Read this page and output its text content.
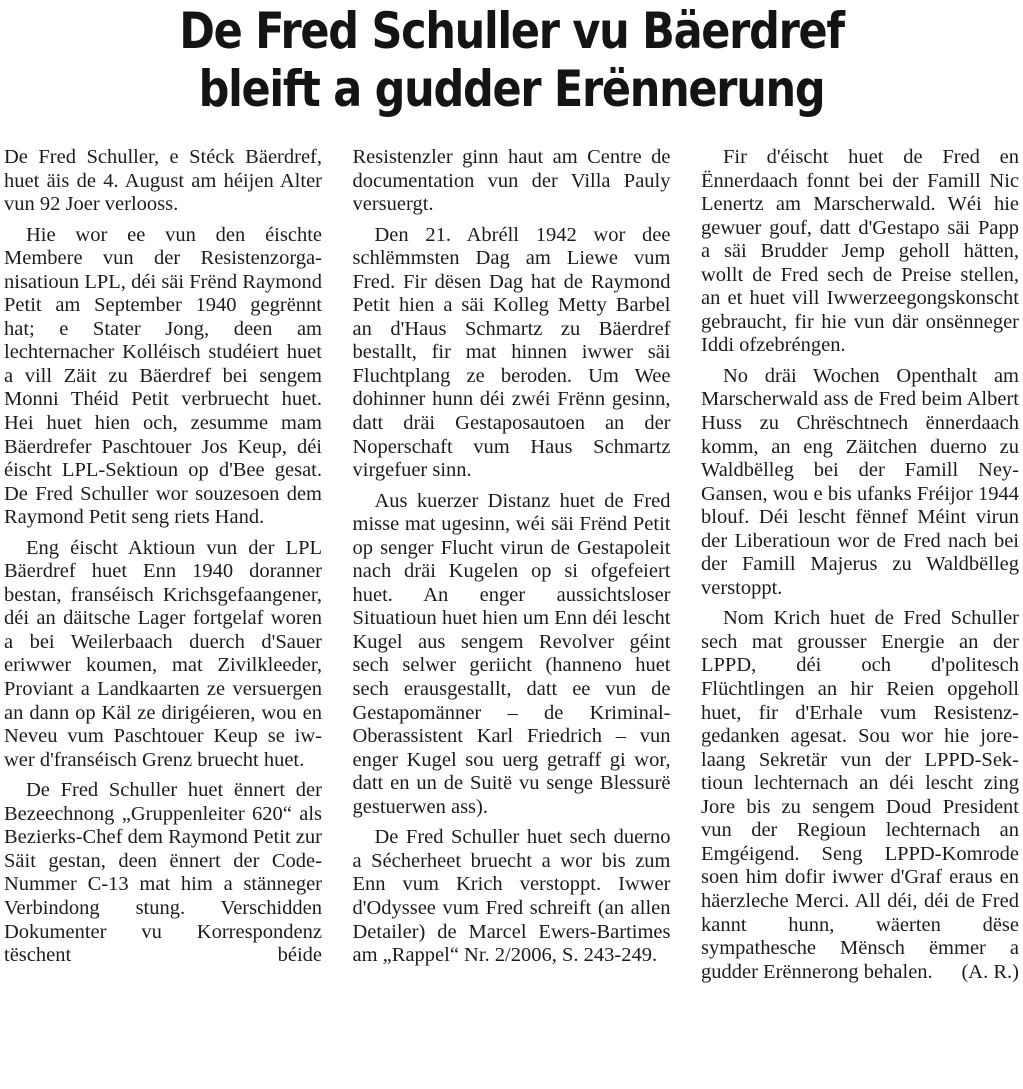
De Fred Schuller vu Bäerdref
bleift a gudder Erënnerung

De Fred Schuller, e Stéck Bäerdref, huet äis de 4. August am héijen Alter vun 92 Joer verlooss.

Hie wor ee vun den éischte Membere vun der Resistenzorganisatioun LPL, déi säi Frënd Raymond Petit am September 1940 gegrënnt hat; e Stater Jong, deen am lechternacher Kolléisch studéiert huet a vill Zäit zu Bäerdref bei sengem Monni Théid Petit verbruecht huet. Hei huet hien och, zesumme mam Bäerdrefer Paschtouer Jos Keup, déi éischt LPL-Sektioun op d'Bee gesat. De Fred Schuller wor souzesoen dem Raymond Petit seng riets Hand.

Eng éischt Aktioun vun der LPL Bäerdref huet Enn 1940 doranner bestan, franséisch Krichsgefaangener, déi an däitsche Lager fortgelaf woren a bei Weilerbaach duerch d'Sauer eriwwer koumen, mat Zivilkleeder, Proviant a Landkaarten ze versuergen an dann op Käl ze dirigéieren, wou en Neveu vum Paschtouer Keup se iwwer d'franséisch Grenz bruecht huet.

De Fred Schuller huet ënnert der Bezeechnong „Gruppenleiter 620“ als Bezierks-Chef dem Raymond Petit zur Säit gestan, deen ënnert der Code-Nummer C-13 mat him a stänneger Verbindong stung. Verschidden Dokumenter vu Korrespondenz tëschent béide

Resistenzler ginn haut am Centre de documentation vun der Villa Pauly versuergt.

Den 21. Abréll 1942 wor dee schlëmmsten Dag am Liewe vum Fred. Fir dësen Dag hat de Raymond Petit hien a säi Kolleg Metty Barbel an d'Haus Schmartz zu Bäerdref bestallt, fir mat hinnen iwwer säi Fluchtplang ze beroden. Um Wee dohinner hunn déi zwéi Frënn gesinn, datt dräi Gestaposautoen an der Noperschaft vum Haus Schmartz virgefuer sinn.

Aus kuerzer Distanz huet de Fred misse mat ugesinn, wéi säi Frënd Petit op senger Flucht virun de Gestapoleit nach dräi Kugelen op si ofgefeiert huet. An enger aussichtsloser Situatioun huet hien um Enn déi lescht Kugel aus sengem Revolver géint sech selwer geriicht (hanneno huet sech erausgestallt, datt ee vun de Gestapomänner – de Kriminal-Oberassistent Karl Friedrich – vun enger Kugel sou uerg getraff gi wor, datt en un de Suitë vu senge Blessurë gestuerwen ass).

De Fred Schuller huet sech duerno a Sécherheet bruecht a wor bis zum Enn vum Krich verstoppt. Iwwer d'Odyssee vum Fred schreift (an allen Detailer) de Marcel Ewers-Bartimes am „Rappel“ Nr. 2/2006, S. 243-249.

Fir d'éischt huet de Fred en Ënnerdaach fonnt bei der Famill Nic Lenertz am Marscherwald. Wéi hie gewuer gouf, datt d'Gestapo säi Papp a säi Brudder Jemp geholl hätten, wollt de Fred sech de Preise stellen, an et huet vill Iwwerzeegongskonscht gebraucht, fir hie vun där onsënneger Iddi ofzebréngen.

No dräi Wochen Openthalt am Marscherwald ass de Fred beim Albert Huss zu Chrëschtnech ënnerdaach komm, an eng Zäitchen duerno zu Waldbëlleg bei der Famill Ney-Gansen, wou e bis ufanks Fréijor 1944 blouf. Déi lescht fënnef Méint virun der Liberatioun wor de Fred nach bei der Famill Majerus zu Waldbëlleg verstoppt.

Nom Krich huet de Fred Schuller sech mat grousser Energie an der LPPD, déi och d'politesch Flüchtlingen an hir Reien opgeholl huet, fir d'Erhale vum Resistenzgedanken agesat. Sou wor hie jorelaang Sekretär vun der LPPD-Sektioun lechternach an déi lescht zing Jore bis zu sengem Doud President vun der Regioun lechternach an Emgéigend. Seng LPPD-Komrode soen him dofir iwwer d'Graf eraus en häerzleche Merci. All déi, déi de Fred kannt hunn, wäerten dëse sympathesche Mënsch ëmmer a gudder Erënnerong behalen.	(A. R.)
